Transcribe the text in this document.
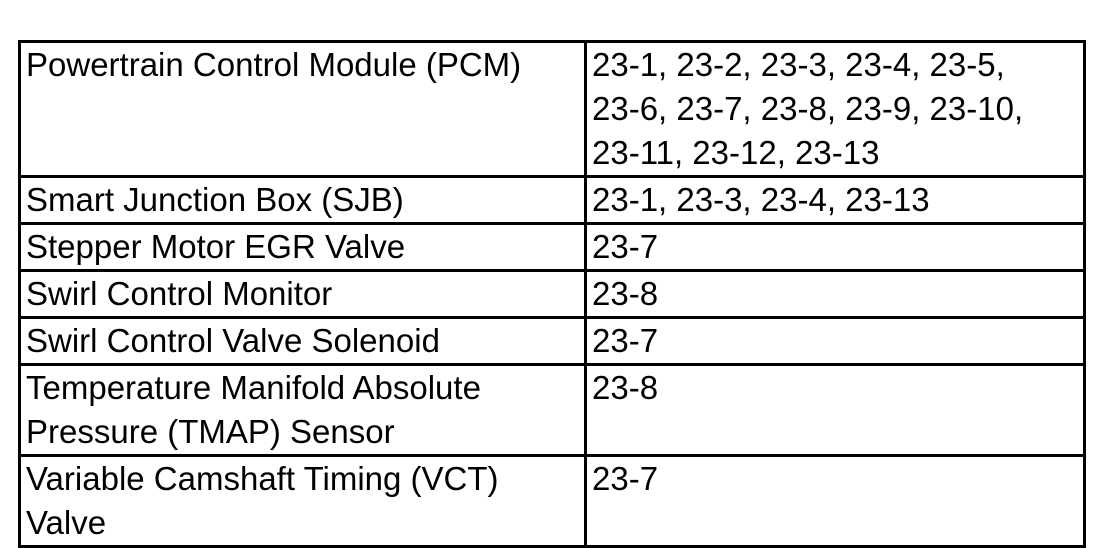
Powertrain Control Module (PCM)	23-1, 23-2, 23-3, 23-4, 23-5,
23-6, 23-7, 23-8, 23-9, 23-10,
23-11, 23-12, 23-13
Smart Junction Box (SJB)	23-1, 23-3, 23-4, 23-13
Stepper Motor EGR Valve	23-7
Swirl Control Monitor	23-8
Swirl Control Valve Solenoid	23-7
Temperature Manifold Absolute
Pressure (TMAP) Sensor	23-8
Variable Camshaft Timing (VCT)
Valve	23-7
